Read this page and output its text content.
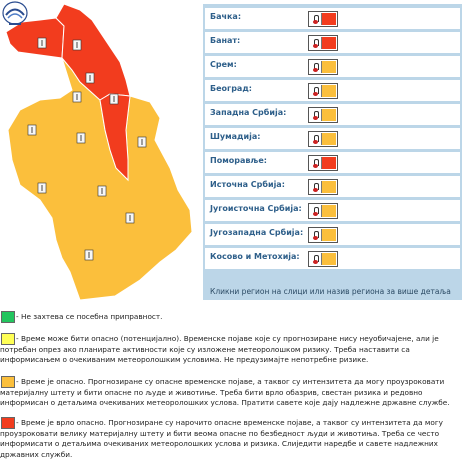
Кликни регион на слици или назив региона за више детаља
Бачка:
Банат:
Срем:
Београд:
Западна Србија:
Шумадија:
Поморавље:
Источна Србија:
Југоисточна Србија:
Југозападна Србија:
Косово и Метохија:

- Не захтева се посебна приправност.

- Време може бити опасно (потенцијално). Временске појаве које су прогнозиране нису неуобичајене, али је потребан опрез ако планирате активности које су изложене метеоролошком ризику. Треба наставити са информисањем о очекиваним метеоролошким условима. Не предузимајте непотребне ризике.

- Време је опасно. Прогнозиране су опасне временске појаве, а таквог су интензитета да могу проузроковати материјалну штету и бити опасне по људе и животиње. Треба бити врло обазрив, свестан ризика и редовно информисан о детаљима очекиваних метеоролошких услова. Пратити савете које дају надлежне државне службе.

- Време је врло опасно. Прогнозиране су нарочито опасне временске појаве, а таквог су интензитета да могу проузроковати велику материјалну штету и бити веома опасне по безбедност људи и животиња. Треба се често информисати о детаљима очекиваних метеоролошких услова и ризика. Слиједити наредбе и савете надлежних државних служби.
